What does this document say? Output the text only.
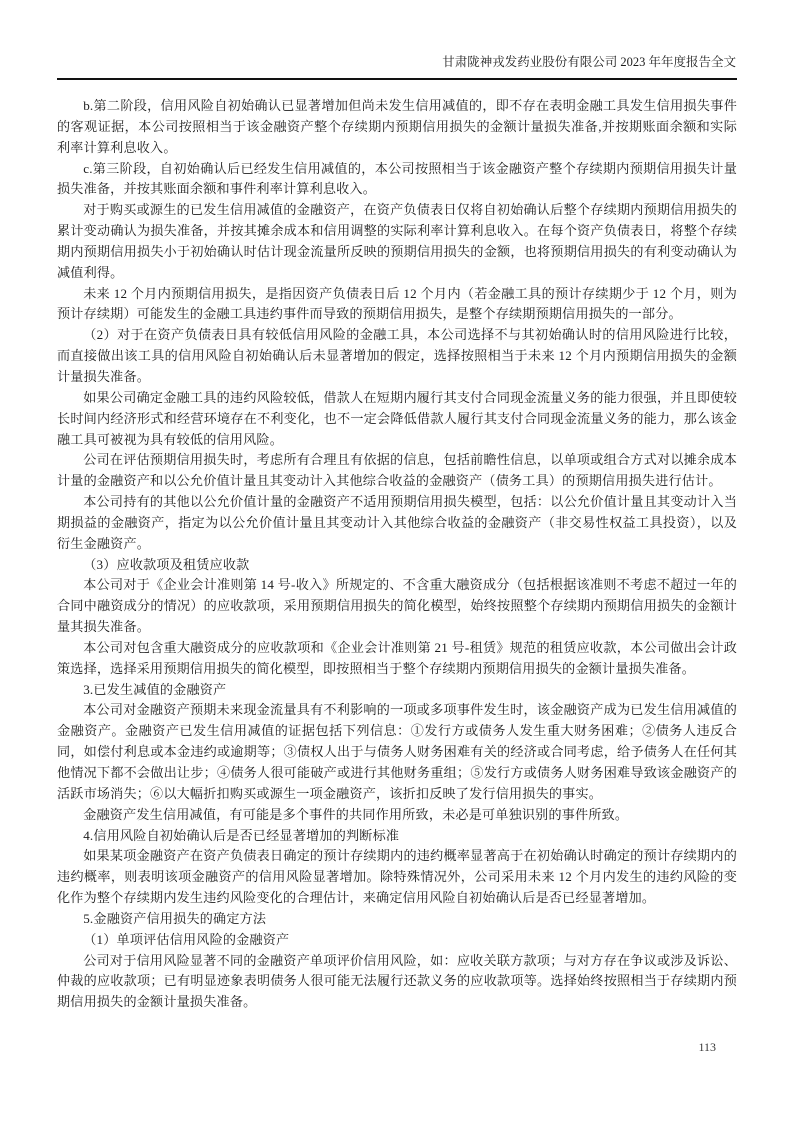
甘肃陇神戎发药业股份有限公司 2023 年年度报告全文

b.第二阶段，信用风险自初始确认已显著增加但尚未发生信用减值的，即不存在表明金融工具发生信用损失事件的客观证据，本公司按照相当于该金融资产整个存续期内预期信用损失的金额计量损失准备,并按期账面余额和实际利率计算利息收入。

c.第三阶段，自初始确认后已经发生信用减值的，本公司按照相当于该金融资产整个存续期内预期信用损失计量损失准备，并按其账面余额和事件利率计算利息收入。

对于购买或源生的已发生信用减值的金融资产，在资产负债表日仅将自初始确认后整个存续期内预期信用损失的累计变动确认为损失准备，并按其摊余成本和信用调整的实际利率计算利息收入。在每个资产负债表日，将整个存续期内预期信用损失小于初始确认时估计现金流量所反映的预期信用损失的金额，也将预期信用损失的有利变动确认为减值利得。

未来 12 个月内预期信用损失，是指因资产负债表日后 12 个月内（若金融工具的预计存续期少于 12 个月，则为预计存续期）可能发生的金融工具违约事件而导致的预期信用损失，是整个存续期预期信用损失的一部分。

（2）对于在资产负债表日具有较低信用风险的金融工具，本公司选择不与其初始确认时的信用风险进行比较，而直接做出该工具的信用风险自初始确认后未显著增加的假定，选择按照相当于未来 12 个月内预期信用损失的金额计量损失准备。

如果公司确定金融工具的违约风险较低，借款人在短期内履行其支付合同现金流量义务的能力很强，并且即使较长时间内经济形式和经营环境存在不利变化，也不一定会降低借款人履行其支付合同现金流量义务的能力，那么该金融工具可被视为具有较低的信用风险。

公司在评估预期信用损失时，考虑所有合理且有依据的信息，包括前瞻性信息，以单项或组合方式对以摊余成本计量的金融资产和以公允价值计量且其变动计入其他综合收益的金融资产（债务工具）的预期信用损失进行估计。

本公司持有的其他以公允价值计量的金融资产不适用预期信用损失模型，包括：以公允价值计量且其变动计入当期损益的金融资产，指定为以公允价值计量且其变动计入其他综合收益的金融资产（非交易性权益工具投资），以及衍生金融资产。

（3）应收款项及租赁应收款

本公司对于《企业会计准则第 14 号-收入》所规定的、不含重大融资成分（包括根据该准则不考虑不超过一年的合同中融资成分的情况）的应收款项，采用预期信用损失的简化模型，始终按照整个存续期内预期信用损失的金额计量其损失准备。

本公司对包含重大融资成分的应收款项和《企业会计准则第 21 号-租赁》规范的租赁应收款，本公司做出会计政策选择，选择采用预期信用损失的简化模型，即按照相当于整个存续期内预期信用损失的金额计量损失准备。

3.已发生减值的金融资产

本公司对金融资产预期未来现金流量具有不利影响的一项或多项事件发生时，该金融资产成为已发生信用减值的金融资产。金融资产已发生信用减值的证据包括下列信息：①发行方或债务人发生重大财务困难；②债务人违反合同，如偿付利息或本金违约或逾期等；③债权人出于与债务人财务困难有关的经济或合同考虑，给予债务人在任何其他情况下都不会做出让步；④债务人很可能破产或进行其他财务重组；⑤发行方或债务人财务困难导致该金融资产的活跃市场消失；⑥以大幅折扣购买或源生一项金融资产，该折扣反映了发行信用损失的事实。

金融资产发生信用减值，有可能是多个事件的共同作用所致，未必是可单独识别的事件所致。

4.信用风险自初始确认后是否已经显著增加的判断标准

如果某项金融资产在资产负债表日确定的预计存续期内的违约概率显著高于在初始确认时确定的预计存续期内的违约概率，则表明该项金融资产的信用风险显著增加。除特殊情况外，公司采用未来 12 个月内发生的违约风险的变化作为整个存续期内发生违约风险变化的合理估计，来确定信用风险自初始确认后是否已经显著增加。

5.金融资产信用损失的确定方法

（1）单项评估信用风险的金融资产

公司对于信用风险显著不同的金融资产单项评价信用风险，如：应收关联方款项；与对方存在争议或涉及诉讼、仲裁的应收款项；已有明显迹象表明债务人很可能无法履行还款义务的应收款项等。选择始终按照相当于存续期内预期信用损失的金额计量损失准备。

113
